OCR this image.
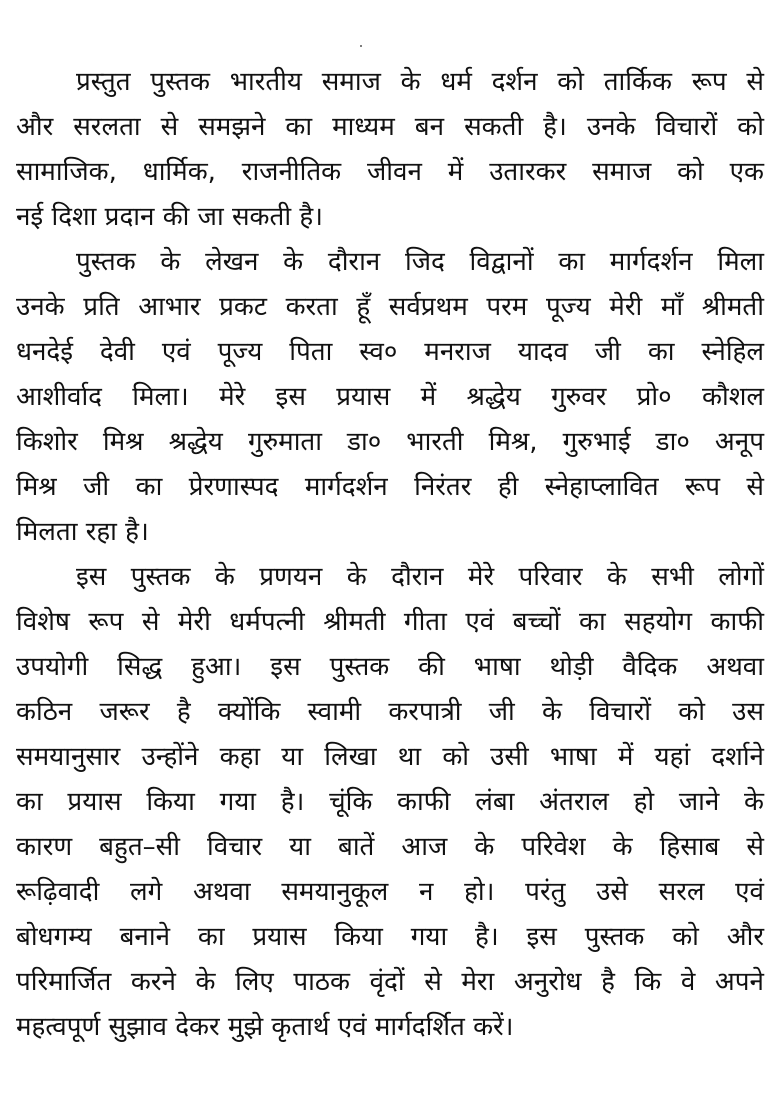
प्रस्तुत पुस्तक भारतीय समाज के धर्म दर्शन को तार्किक रूप से
और सरलता से समझने का माध्यम बन सकती है। उनके विचारों को
सामाजिक, धार्मिक, राजनीतिक जीवन में उतारकर समाज को एक
नई दिशा प्रदान की जा सकती है।
पुस्तक के लेखन के दौरान जिद विद्वानों का मार्गदर्शन मिला
उनके प्रति आभार प्रकट करता हूँ सर्वप्रथम परम पूज्य मेरी माँ श्रीमती
धनदेई देवी एवं पूज्य पिता स्व० मनराज यादव जी का स्नेहिल
आशीर्वाद मिला। मेरे इस प्रयास में श्रद्धेय गुरुवर प्रो० कौशल
किशोर मिश्र श्रद्धेय गुरुमाता डा० भारती मिश्र, गुरुभाई डा० अनूप
मिश्र जी का प्रेरणास्पद मार्गदर्शन निरंतर ही स्नेहाप्लावित रूप से
मिलता रहा है।
इस पुस्तक के प्रणयन के दौरान मेरे परिवार के सभी लोगों
विशेष रूप से मेरी धर्मपत्नी श्रीमती गीता एवं बच्चों का सहयोग काफी
उपयोगी सिद्ध हुआ। इस पुस्तक की भाषा थोड़ी वैदिक अथवा
कठिन जरूर है क्योंकि स्वामी करपात्री जी के विचारों को उस
समयानुसार उन्होंने कहा या लिखा था को उसी भाषा में यहां दर्शाने
का प्रयास किया गया है। चूंकि काफी लंबा अंतराल हो जाने के
कारण बहुत–सी विचार या बातें आज के परिवेश के हिसाब से
रूढ़िवादी लगे अथवा समयानुकूल न हो। परंतु उसे सरल एवं
बोधगम्य बनाने का प्रयास किया गया है। इस पुस्तक को और
परिमार्जित करने के लिए पाठक वृंदों से मेरा अनुरोध है कि वे अपने
महत्वपूर्ण सुझाव देकर मुझे कृतार्थ एवं मार्गदर्शित करें।
